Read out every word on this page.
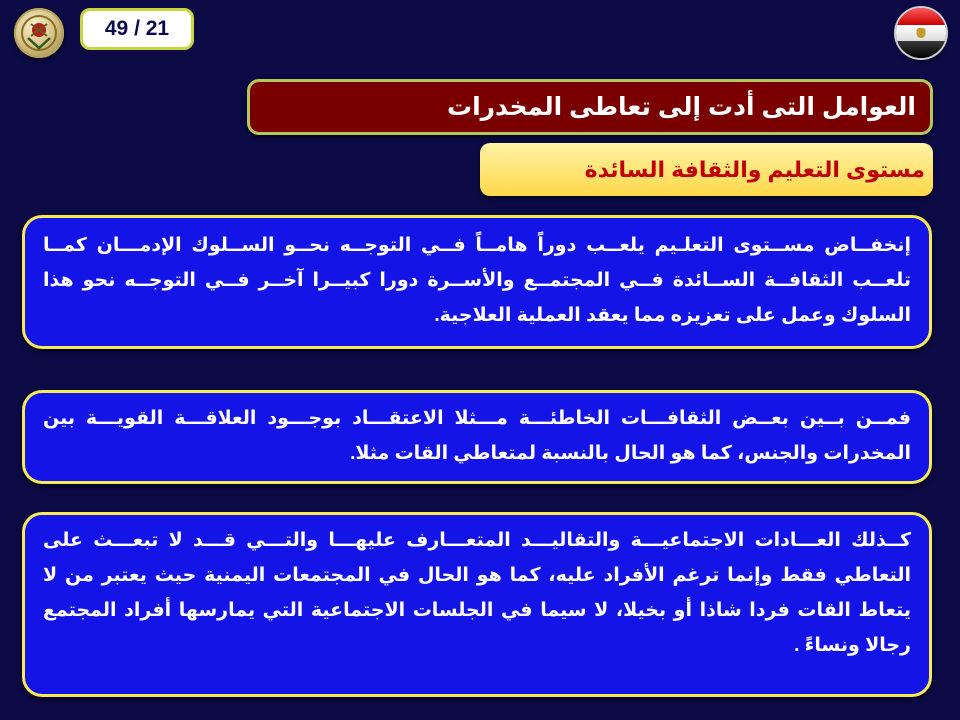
49 / 21
العوامل التى أدت إلى تعاطى المخدرات
مستوى التعليم والثقافة السائدة
إنخفــاض مســتوى التعلـيم يلعــب دوراً هامــاً فــي التوجــه نحــو الســلوك الإدمـــان كمــا تلعــب الثقافــة الســائدة فــي المجتمــع والأســرة دورا كبيــرا آخــر فــي التوجــه نحو هذا السلوك وعمل على تعزيزه مما يعقد العملية العلاجية.
فمــن بــين بعــض الثقافـــات الخاطئـــة مـــثلا الاعتقـــاد بوجـــود العلاقـــة القويـــة بين المخدرات والجنس، كما هو الحال بالنسبة لمتعاطي القات مثلا.
كــذلك العـــادات الاجتماعيـــة والتقاليـــد المتعـــارف عليهـــا والتـــي قـــد لا تبعـــث على التعاطي فقط وإنما ترغم الأفراد عليه، كما هو الحال في المجتمعات اليمنية حيث يعتبر من لا يتعاط القات فردا شاذا أو بخيلا، لا سيما في الجلسات الاجتماعية التي يمارسها أفراد المجتمع رجالا ونساءً .
